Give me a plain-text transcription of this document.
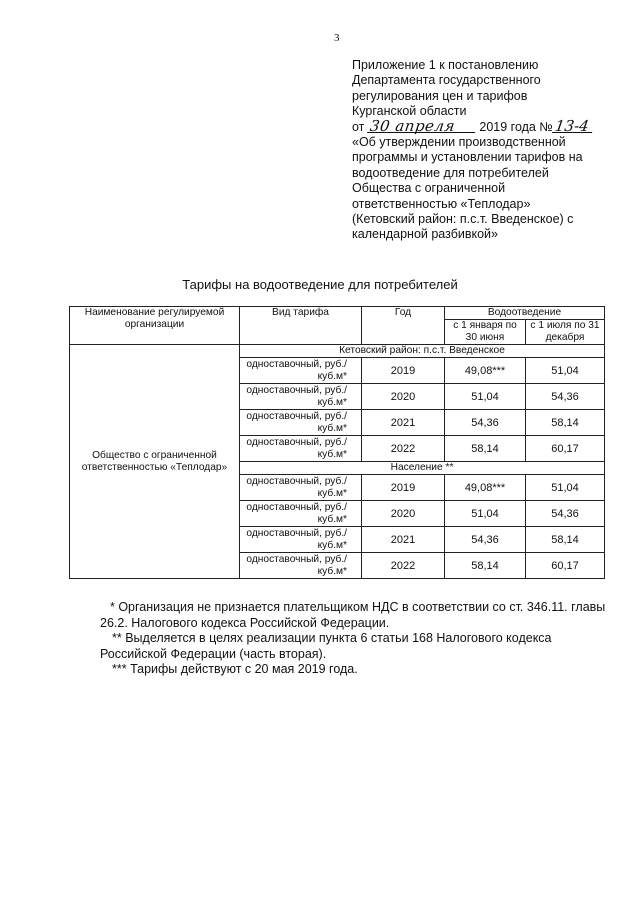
3
Приложение 1 к постановлению
Департамента государственного
регулирования цен и тарифов
Курганской области
от 30 апреля 2019 года №13-4
«Об утверждении производственной
программы и установлении тарифов на
водоотведение для потребителей
Общества с ограниченной
ответственностью «Теплодар»
(Кетовский район: п.с.т. Введенское) с
календарной разбивкой»
Тарифы на водоотведение для потребителей
Наименование регулируемой организации	Вид тарифа	Год	Водоотведение	
			с 1 января по 30 июня	с 1 июля по 31 декабря
Общество с ограниченной ответственностью «Теплодар»	Кетовский район: п.с.т. Введенское			
	одноставочный, руб./куб.м*	2019	49,08***	51,04
	одноставочный, руб./куб.м*	2020	51,04	54,36
	одноставочный, руб./куб.м*	2021	54,36	58,14
	одноставочный, руб./куб.м*	2022	58,14	60,17
	Население **			
	одноставочный, руб./куб.м*	2019	49,08***	51,04
	одноставочный, руб./куб.м*	2020	51,04	54,36
	одноставочный, руб./куб.м*	2021	54,36	58,14
	одноставочный, руб./куб.м*	2022	58,14	60,17

* Организация не признается плательщиком НДС в соответствии со ст. 346.11. главы 26.2. Налогового кодекса Российской Федерации.

** Выделяется в целях реализации пункта 6 статьи 168 Налогового кодекса Российской Федерации (часть вторая).

*** Тарифы действуют с 20 мая 2019 года.
